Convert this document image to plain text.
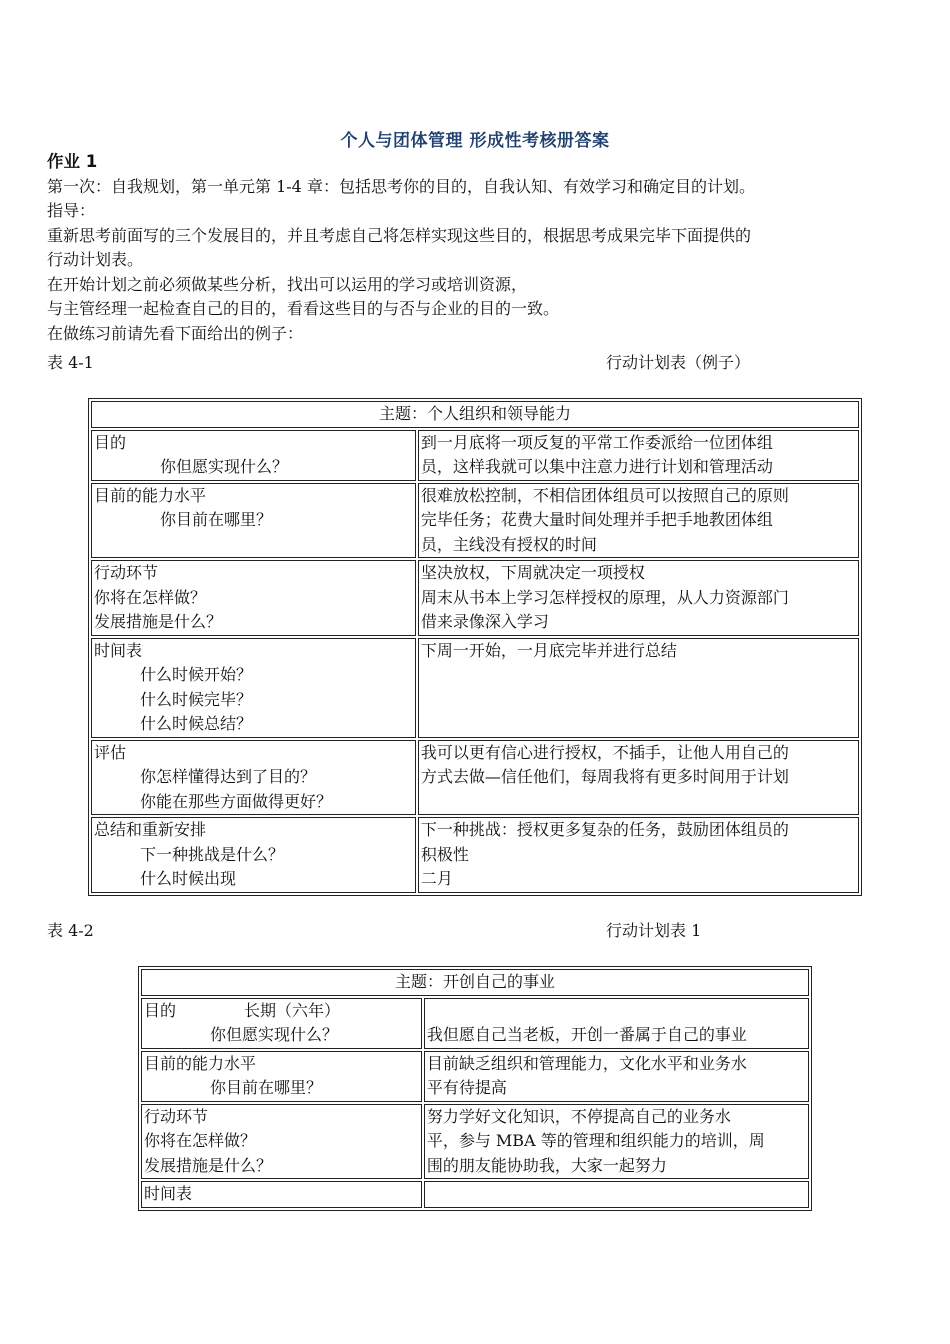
个人与团体管理 形成性考核册答案
作业 1
第一次：自我规划，第一单元第 1-4 章：包括思考你的目的，自我认知、有效学习和确定目的计划。
指导：
重新思考前面写的三个发展目的，并且考虑自己将怎样实现这些目的，根据思考成果完毕下面提供的
行动计划表。
在开始计划之前必须做某些分析，找出可以运用的学习或培训资源，
与主管经理一起检查自己的目的，看看这些目的与否与企业的目的一致。
在做练习前请先看下面给出的例子：
表 4-1	行动计划表（例子）
主题：个人组织和领导能力	

目的
你但愿实现什么？	到一月底将一项反复的平常工作委派给一位团体组
员，这样我就可以集中注意力进行计划和管理活动

目前的能力水平
你目前在哪里？	很难放松控制，不相信团体组员可以按照自己的原则
完毕任务；花费大量时间处理并手把手地教团体组
员，主线没有授权的时间

行动环节
你将在怎样做？
发展措施是什么？	坚决放权，下周就决定一项授权
周末从书本上学习怎样授权的原理，从人力资源部门
借来录像深入学习

时间表
什么时候开始？
什么时候完毕？
什么时候总结？	下周一开始，一月底完毕并进行总结

评估
你怎样懂得达到了目的？
你能在那些方面做得更好？	我可以更有信心进行授权，不插手，让他人用自己的
方式去做—信任他们，每周我将有更多时间用于计划

总结和重新安排
下一种挑战是什么？
什么时候出现	下一种挑战：授权更多复杂的任务，鼓励团体组员的
积极性
二月
表 4-2	行动计划表 1
主题：开创自己的事业	

目的 长期（六年）
你但愿实现什么？	我但愿自己当老板，开创一番属于自己的事业

目前的能力水平
你目前在哪里？	目前缺乏组织和管理能力，文化水平和业务水
平有待提高

行动环节
你将在怎样做？
发展措施是什么？	努力学好文化知识，不停提高自己的业务水
平，参与 MBA 等的管理和组织能力的培训，周
围的朋友能协助我，大家一起努力

时间表	
